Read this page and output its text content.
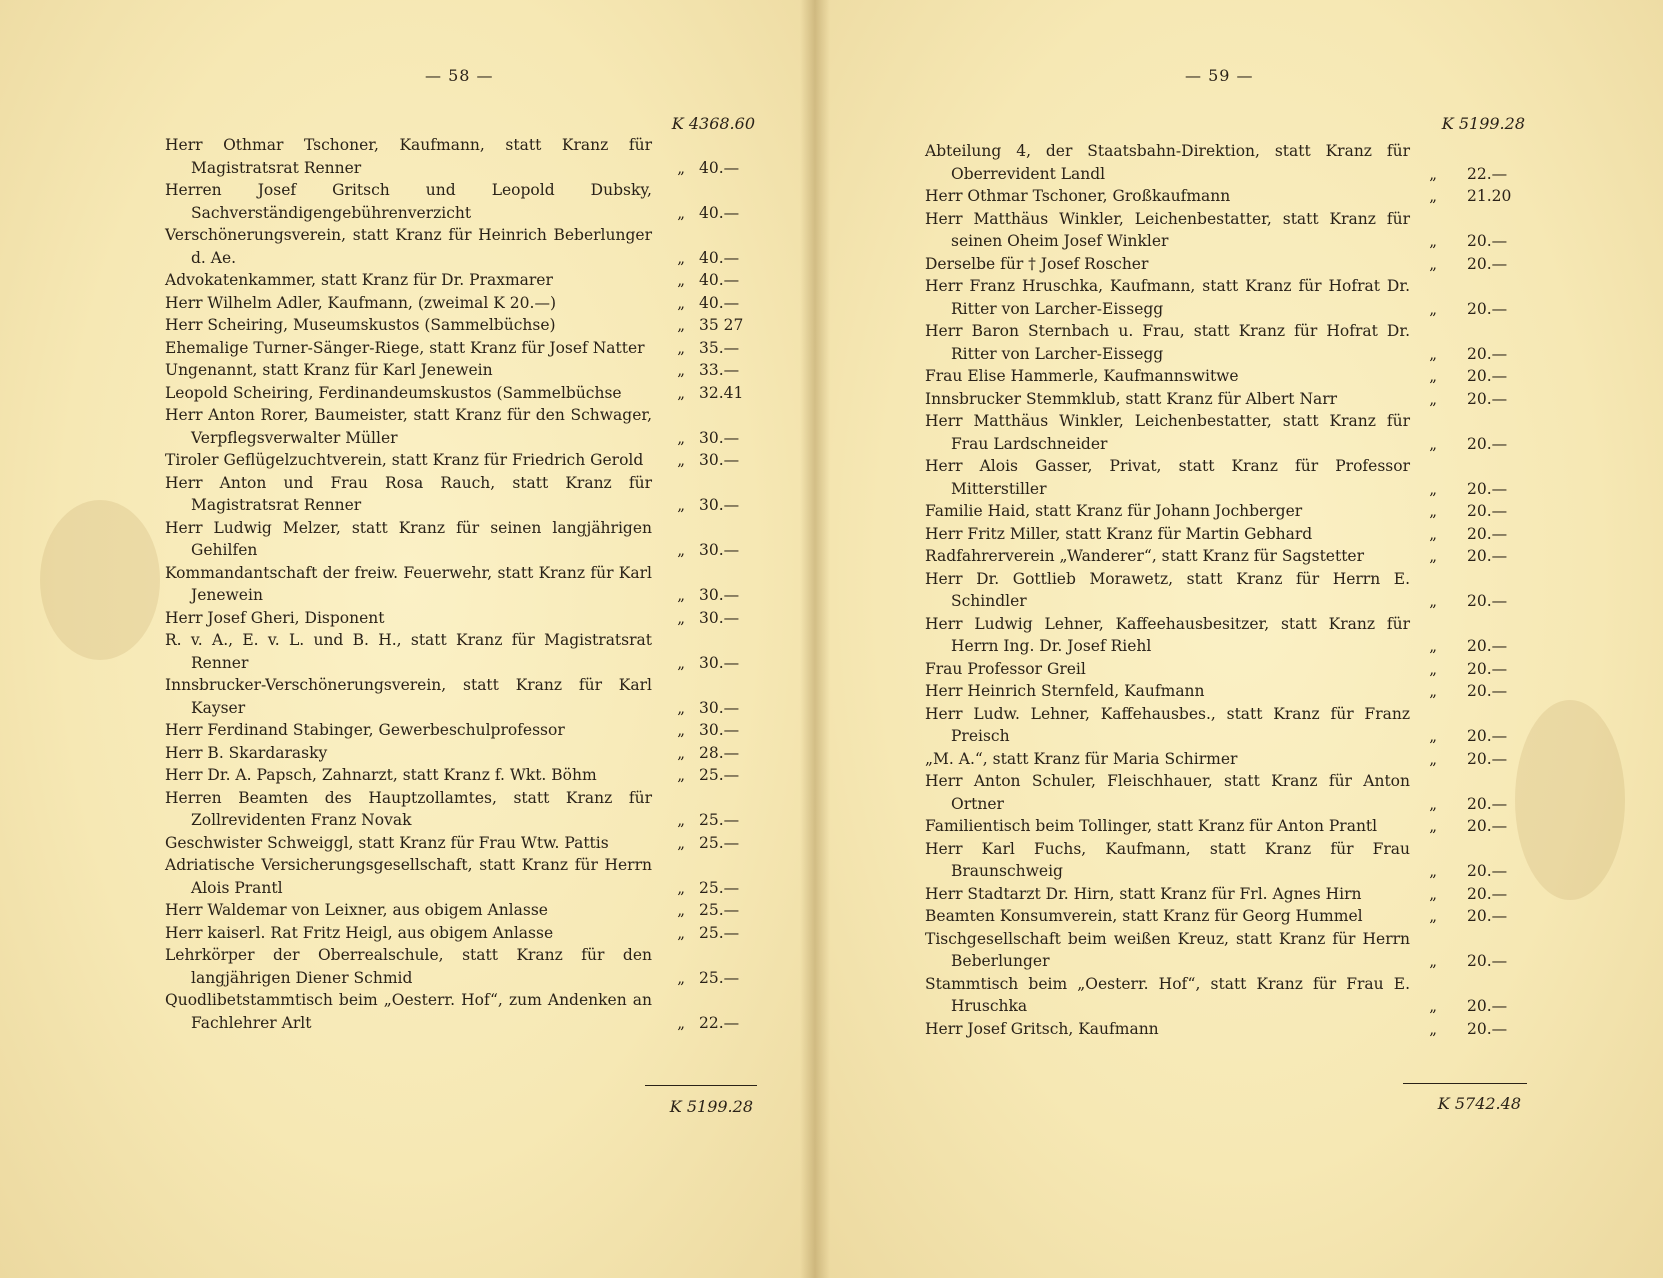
— 58 —
K 4368.60
Herr Othmar Tschoner, Kaufmann, statt Kranz für Magistratsrat Renner	„ 40.—
Herren Josef Gritsch und Leopold Dubsky, Sachverständigengebührenverzicht	„ 40.—
Verschönerungsverein, statt Kranz für Heinrich Beberlunger d. Ae.	„ 40.—
Advokatenkammer, statt Kranz für Dr. Praxmarer	„ 40.—
Herr Wilhelm Adler, Kaufmann, (zweimal K 20.—)	„ 40.—
Herr Scheiring, Museumskustos (Sammelbüchse)	„ 35 27
Ehemalige Turner-Sänger-Riege, statt Kranz für Josef Natter	„ 35.—
Ungenannt, statt Kranz für Karl Jenewein	„ 33.—
Leopold Scheiring, Ferdinandeumskustos (Sammelbüchse	„ 32.41
Herr Anton Rorer, Baumeister, statt Kranz für den Schwager, Verpflegsverwalter Müller	„ 30.—
Tiroler Geflügelzuchtverein, statt Kranz für Friedrich Gerold	„ 30.—
Herr Anton und Frau Rosa Rauch, statt Kranz für Magistratsrat Renner	„ 30.—
Herr Ludwig Melzer, statt Kranz für seinen langjährigen Gehilfen	„ 30.—
Kommandantschaft der freiw. Feuerwehr, statt Kranz für Karl Jenewein	„ 30.—
Herr Josef Gheri, Disponent	„ 30.—
R. v. A., E. v. L. und B. H., statt Kranz für Magistratsrat Renner	„ 30.—
Innsbrucker-Verschönerungsverein, statt Kranz für Karl Kayser	„ 30.—
Herr Ferdinand Stabinger, Gewerbeschulprofessor	„ 30.—
Herr B. Skardarasky	„ 28.—
Herr Dr. A. Papsch, Zahnarzt, statt Kranz f. Wkt. Böhm	„ 25.—
Herren Beamten des Hauptzollamtes, statt Kranz für Zollrevidenten Franz Novak	„ 25.—
Geschwister Schweiggl, statt Kranz für Frau Wtw. Pattis	„ 25.—
Adriatische Versicherungsgesellschaft, statt Kranz für Herrn Alois Prantl	„ 25.—
Herr Waldemar von Leixner, aus obigem Anlasse	„ 25.—
Herr kaiserl. Rat Fritz Heigl, aus obigem Anlasse	„ 25.—
Lehrkörper der Oberrealschule, statt Kranz für den langjährigen Diener Schmid	„ 25.—
Quodlibetstammtisch beim „Oesterr. Hof“, zum Andenken an Fachlehrer Arlt	„ 22.—
K 5199.28
— 59 —
K 5199.28
Abteilung 4, der Staatsbahn-Direktion, statt Kranz für Oberrevident Landl	„ 22.—
Herr Othmar Tschoner, Großkaufmann	„ 21.20
Herr Matthäus Winkler, Leichenbestatter, statt Kranz für seinen Oheim Josef Winkler	„ 20.—
Derselbe für † Josef Roscher	„ 20.—
Herr Franz Hruschka, Kaufmann, statt Kranz für Hofrat Dr. Ritter von Larcher-Eissegg	„ 20.—
Herr Baron Sternbach u. Frau, statt Kranz für Hofrat Dr. Ritter von Larcher-Eissegg	„ 20.—
Frau Elise Hammerle, Kaufmannswitwe	„ 20.—
Innsbrucker Stemmklub, statt Kranz für Albert Narr	„ 20.—
Herr Matthäus Winkler, Leichenbestatter, statt Kranz für Frau Lardschneider	„ 20.—
Herr Alois Gasser, Privat, statt Kranz für Professor Mitterstiller	„ 20.—
Familie Haid, statt Kranz für Johann Jochberger	„ 20.—
Herr Fritz Miller, statt Kranz für Martin Gebhard	„ 20.—
Radfahrerverein „Wanderer“, statt Kranz für Sagstetter	„ 20.—
Herr Dr. Gottlieb Morawetz, statt Kranz für Herrn E. Schindler	„ 20.—
Herr Ludwig Lehner, Kaffeehausbesitzer, statt Kranz für Herrn Ing. Dr. Josef Riehl	„ 20.—
Frau Professor Greil	„ 20.—
Herr Heinrich Sternfeld, Kaufmann	„ 20.—
Herr Ludw. Lehner, Kaffehausbes., statt Kranz für Franz Preisch	„ 20.—
„M. A.“, statt Kranz für Maria Schirmer	„ 20.—
Herr Anton Schuler, Fleischhauer, statt Kranz für Anton Ortner	„ 20.—
Familientisch beim Tollinger, statt Kranz für Anton Prantl	„ 20.—
Herr Karl Fuchs, Kaufmann, statt Kranz für Frau Braunschweig	„ 20.—
Herr Stadtarzt Dr. Hirn, statt Kranz für Frl. Agnes Hirn	„ 20.—
Beamten Konsumverein, statt Kranz für Georg Hummel	„ 20.—
Tischgesellschaft beim weißen Kreuz, statt Kranz für Herrn Beberlunger	„ 20.—
Stammtisch beim „Oesterr. Hof“, statt Kranz für Frau E. Hruschka	„ 20.—
Herr Josef Gritsch, Kaufmann	„ 20.—
K 5742.48
